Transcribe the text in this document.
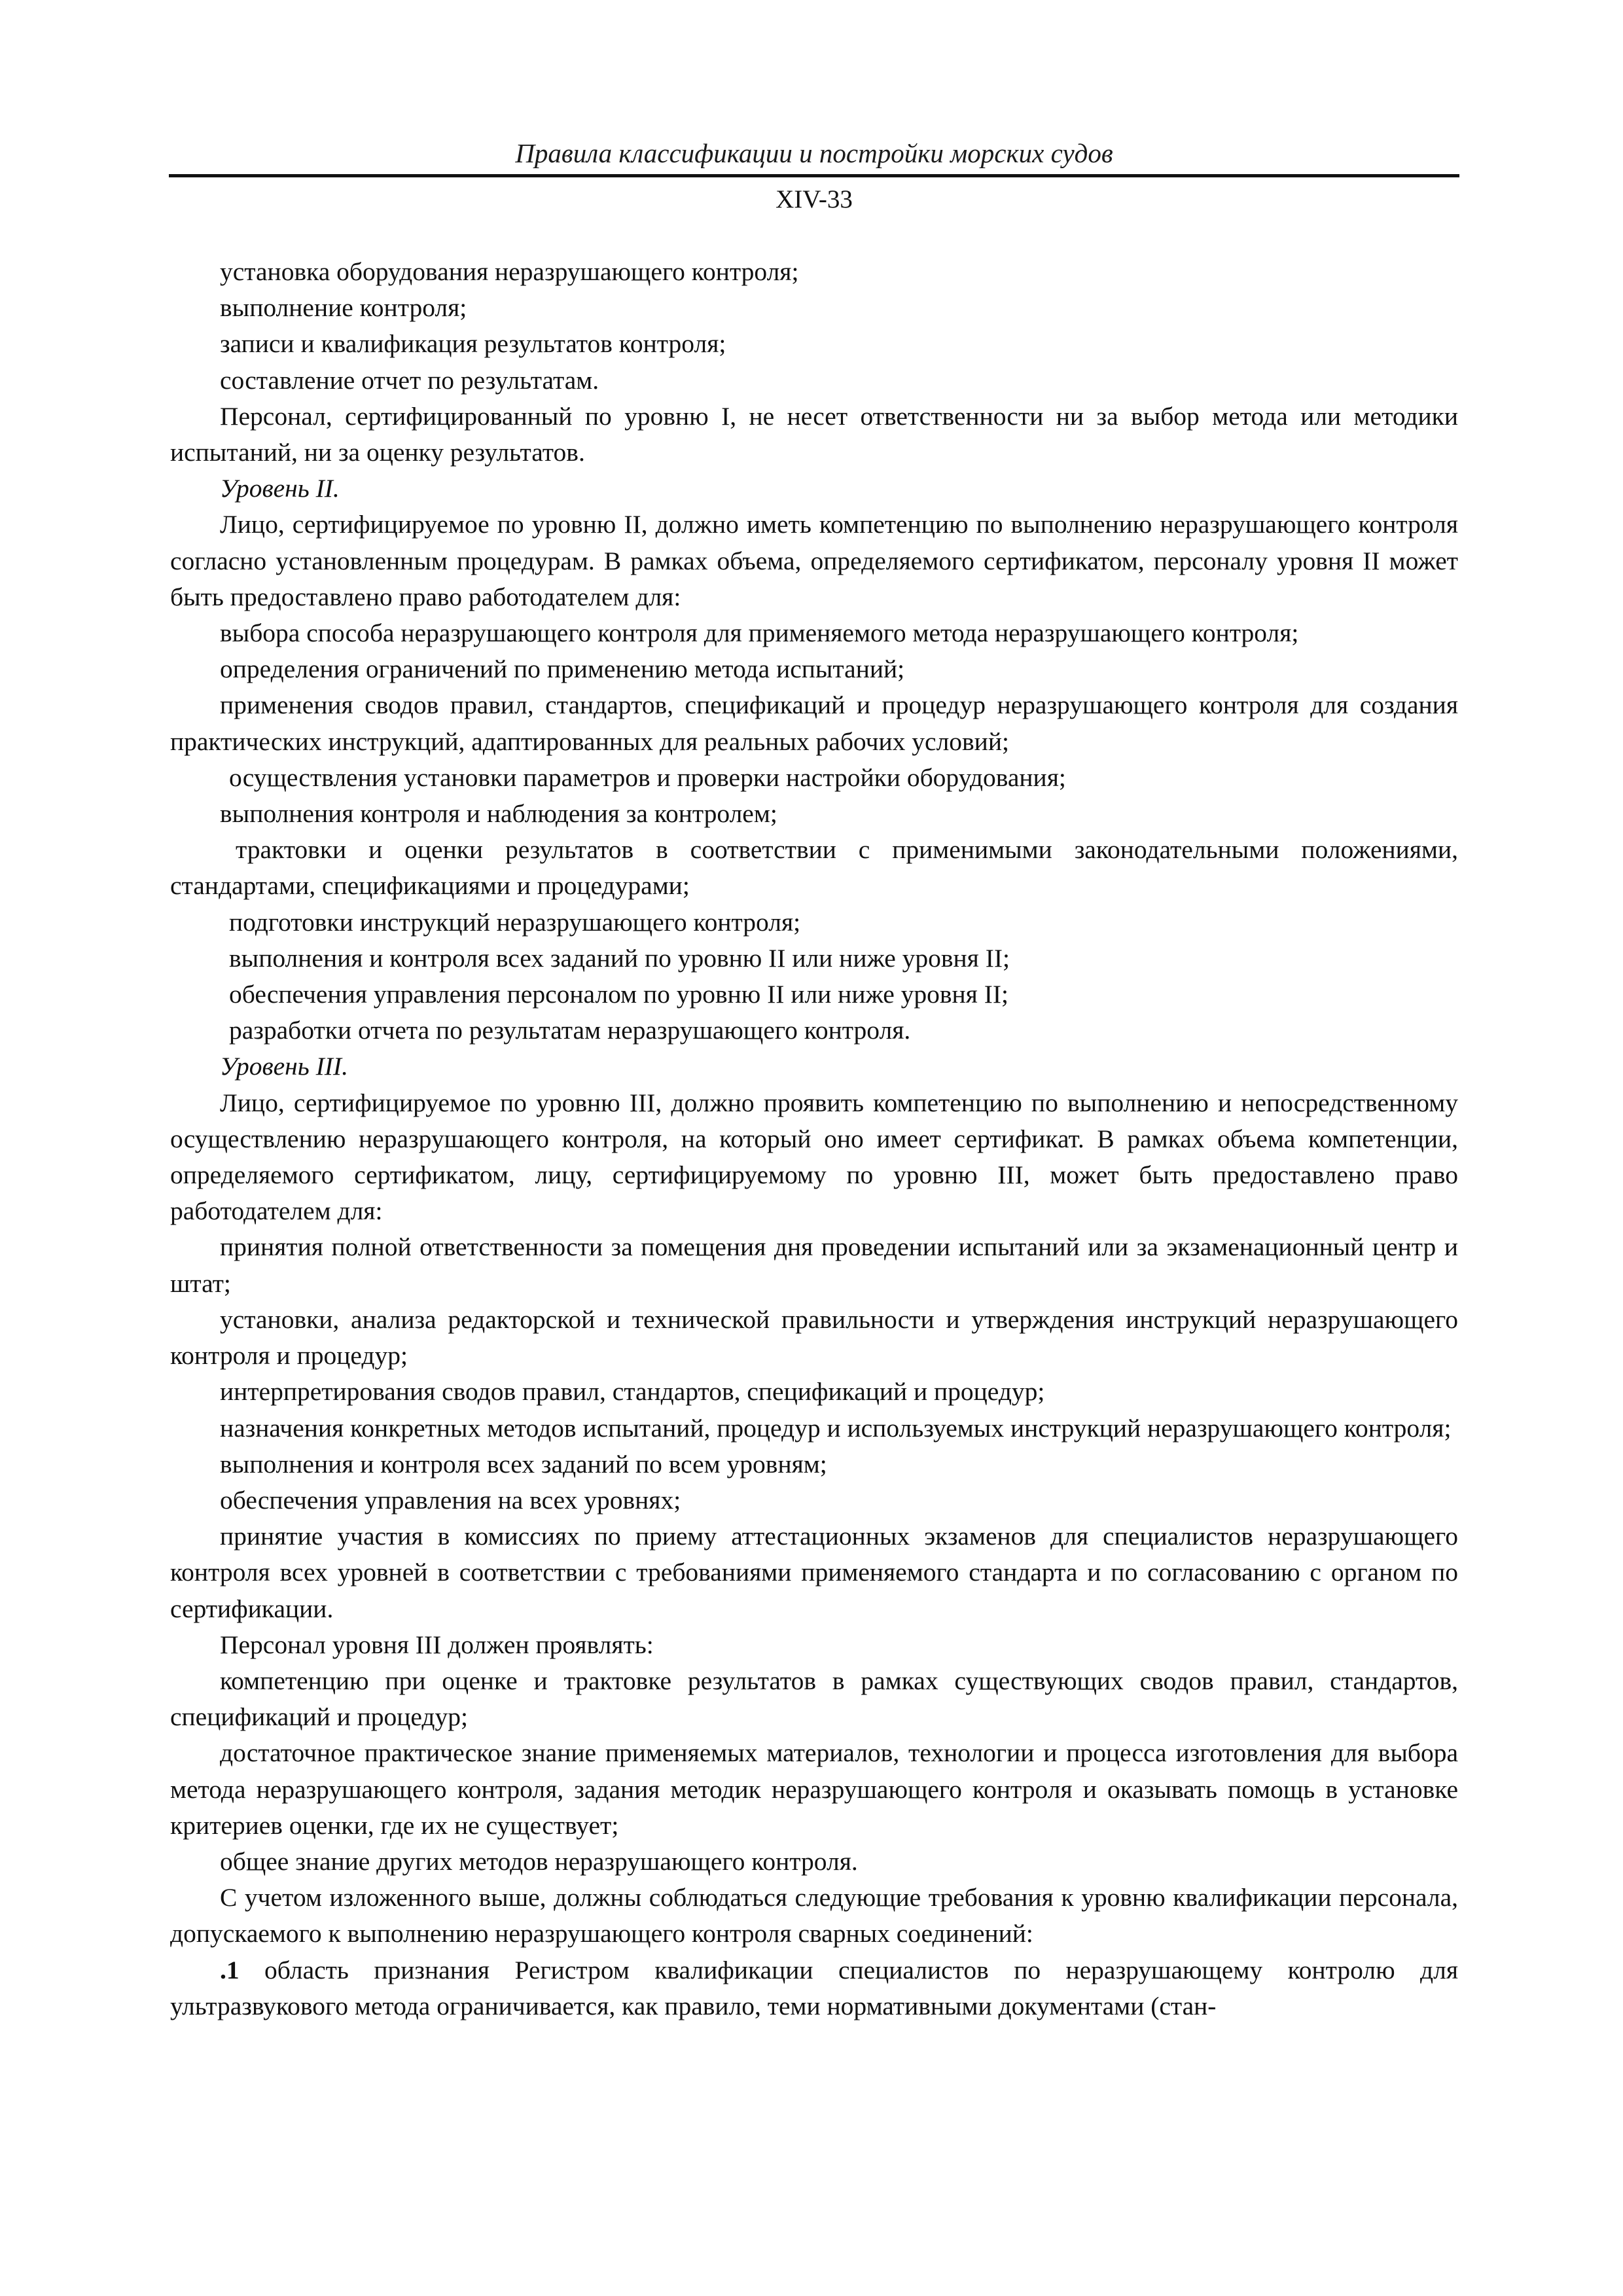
Правила классификации и постройки морских судов
XIV-33

установка оборудования неразрушающего контроля;

выполнение контроля;

записи и квалификация результатов контроля;

составление отчет по результатам.

Персонал, сертифицированный по уровню I, не несет ответственности ни за выбор метода или методики испытаний, ни за оценку результатов.

Уровень II.

Лицо, сертифицируемое по уровню II, должно иметь компетенцию по выполнению неразрушающего контроля согласно установленным процедурам. В рамках объема, определяемого сертификатом, персоналу уровня II может быть предоставлено право работодателем для:

выбора способа неразрушающего контроля для применяемого метода неразрушающего контроля;

определения ограничений по применению метода испытаний;

применения сводов правил, стандартов, спецификаций и процедур неразрушающего контроля для создания практических инструкций, адаптированных для реальных рабочих условий;

осуществления установки параметров и проверки настройки оборудования;

выполнения контроля и наблюдения за контролем;

трактовки и оценки результатов в соответствии с применимыми законодательными положениями, стандартами, спецификациями и процедурами;

подготовки инструкций неразрушающего контроля;

выполнения и контроля всех заданий по уровню II или ниже уровня II;

обеспечения управления персоналом по уровню II или ниже уровня II;

разработки отчета по результатам неразрушающего контроля.

Уровень III.

Лицо, сертифицируемое по уровню III, должно проявить компетенцию по выполнению и непосредственному осуществлению неразрушающего контроля, на который оно имеет сертификат. В рамках объема компетенции, определяемого сертификатом, лицу, сертифицируемому по уровню III, может быть предоставлено право работодателем для:

принятия полной ответственности за помещения дня проведении испытаний или за экзаменационный центр и штат;

установки, анализа редакторской и технической правильности и утверждения инструкций неразрушающего контроля и процедур;

интерпретирования сводов правил, стандартов, спецификаций и процедур;

назначения конкретных методов испытаний, процедур и используемых инструкций неразрушающего контроля;

выполнения и контроля всех заданий по всем уровням;

обеспечения управления на всех уровнях;

принятие участия в комиссиях по приему аттестационных экзаменов для специалистов неразрушающего контроля всех уровней в соответствии с требованиями применяемого стандарта и по согласованию с органом по сертификации.

Персонал уровня III должен проявлять:

компетенцию при оценке и трактовке результатов в рамках существующих сводов правил, стандартов, спецификаций и процедур;

достаточное практическое знание применяемых материалов, технологии и процесса изготовления для выбора метода неразрушающего контроля, задания методик неразрушающего контроля и оказывать помощь в установке критериев оценки, где их не существует;

общее знание других методов неразрушающего контроля.

С учетом изложенного выше, должны соблюдаться следующие требования к уровню квалификации персонала, допускаемого к выполнению неразрушающего контроля сварных соединений:

.1 область признания Регистром квалификации специалистов по неразрушающему контролю для ультразвукового метода ограничивается, как правило, теми нормативными документами (стан-
